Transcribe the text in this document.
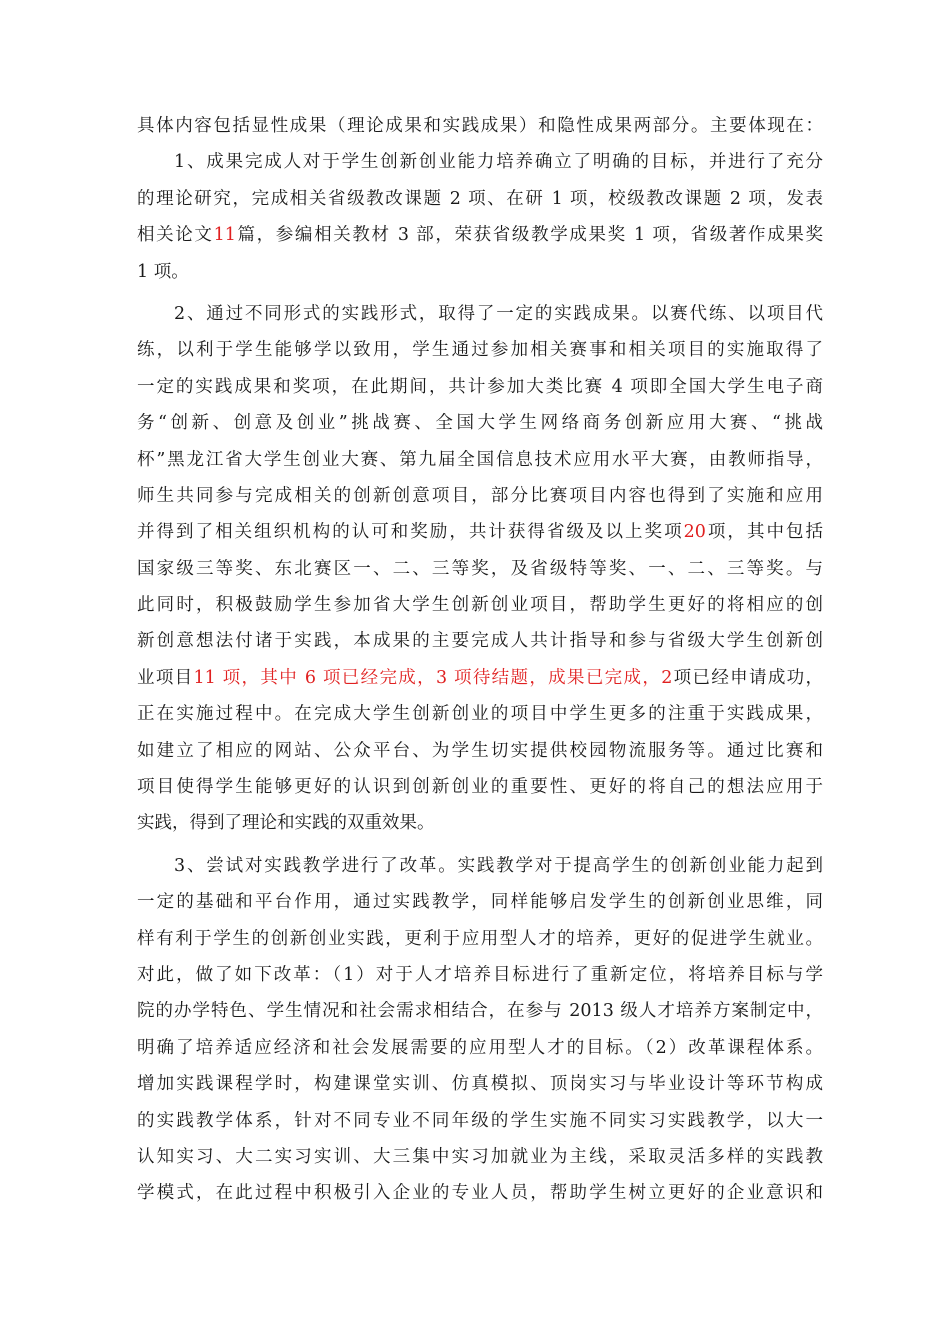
具体内容包括显性成果（理论成果和实践成果）和隐性成果两部分。主要体现在：
1、成果完成人对于学生创新创业能力培养确立了明确的目标，并进行了充分
的理论研究，完成相关省级教改课题 2 项、在研 1 项，校级教改课题 2 项，发表
相关论文11篇，参编相关教材 3 部，荣获省级教学成果奖 1 项，省级著作成果奖
1 项。
2、通过不同形式的实践形式，取得了一定的实践成果。以赛代练、以项目代
练，以利于学生能够学以致用，学生通过参加相关赛事和相关项目的实施取得了
一定的实践成果和奖项，在此期间，共计参加大类比赛 4 项即全国大学生电子商
务“创新、创意及创业”挑战赛、全国大学生网络商务创新应用大赛、“挑战
杯”黑龙江省大学生创业大赛、第九届全国信息技术应用水平大赛，由教师指导，
师生共同参与完成相关的创新创意项目，部分比赛项目内容也得到了实施和应用
并得到了相关组织机构的认可和奖励，共计获得省级及以上奖项20项，其中包括
国家级三等奖、东北赛区一、二、三等奖，及省级特等奖、一、二、三等奖。与
此同时，积极鼓励学生参加省大学生创新创业项目，帮助学生更好的将相应的创
新创意想法付诸于实践，本成果的主要完成人共计指导和参与省级大学生创新创
业项目11 项，其中 6 项已经完成，3 项待结题，成果已完成，2项已经申请成功，
正在实施过程中。在完成大学生创新创业的项目中学生更多的注重于实践成果，
如建立了相应的网站、公众平台、为学生切实提供校园物流服务等。通过比赛和
项目使得学生能够更好的认识到创新创业的重要性、更好的将自己的想法应用于
实践，得到了理论和实践的双重效果。
3、尝试对实践教学进行了改革。实践教学对于提高学生的创新创业能力起到
一定的基础和平台作用，通过实践教学，同样能够启发学生的创新创业思维，同
样有利于学生的创新创业实践，更利于应用型人才的培养，更好的促进学生就业。
对此，做了如下改革：（1）对于人才培养目标进行了重新定位，将培养目标与学
院的办学特色、学生情况和社会需求相结合，在参与 2013 级人才培养方案制定中，
明确了培养适应经济和社会发展需要的应用型人才的目标。（2）改革课程体系。
增加实践课程学时，构建课堂实训、仿真模拟、顶岗实习与毕业设计等环节构成
的实践教学体系，针对不同专业不同年级的学生实施不同实习实践教学，以大一
认知实习、大二实习实训、大三集中实习加就业为主线，采取灵活多样的实践教
学模式，在此过程中积极引入企业的专业人员，帮助学生树立更好的企业意识和
